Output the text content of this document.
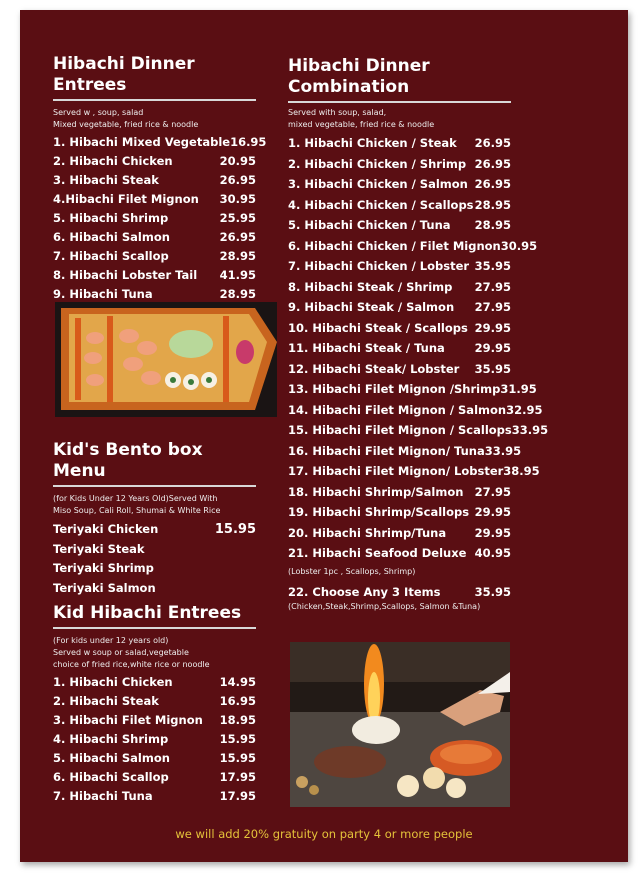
Hibachi Dinner Entrees
Served w , soup, salad
Mixed vegetable, fried rice & noodle
1. Hibachi Mixed Vegetable 16.95
2. Hibachi Chicken	20.95
3. Hibachi Steak	26.95
4.Hibachi Filet Mignon 30.95
5. Hibachi Shrimp	25.95
6. Hibachi Salmon	26.95
7. Hibachi Scallop	28.95
8. Hibachi Lobster Tail 41.95
9. Hibachi Tuna	28.95
Kid's Bento box Menu
(for Kids Under 12 Years Old)Served With
Miso Soup, Cali Roll, Shumai & White Rice
Teriyaki Chicken	15.95
Teriyaki Steak
Teriyaki Shrimp
Teriyaki Salmon
Kid Hibachi Entrees
(For kids under 12 years old)
Served w soup or salad,vegetable
choice of fried rice,white rice or noodle
1. Hibachi Chicken	14.95
2. Hibachi Steak	16.95
3. Hibachi Filet Mignon 18.95
4. Hibachi Shrimp	15.95
5. Hibachi Salmon	15.95
6. Hibachi Scallop	17.95
7. Hibachi Tuna	17.95
Hibachi Dinner
Combination
Served with soup, salad,
mixed vegetable, fried rice & noodle
1. Hibachi Chicken / Steak 26.95
2. Hibachi Chicken / Shrimp 26.95
3. Hibachi Chicken / Salmon 26.95
4. Hibachi Chicken / Scallops 28.95
5. Hibachi Chicken / Tuna 28.95
6. Hibachi Chicken / Filet Mignon 30.95
7. Hibachi Chicken / Lobster 35.95
8. Hibachi Steak / Shrimp 27.95
9. Hibachi Steak / Salmon 27.95
10. Hibachi Steak / Scallops 29.95
11. Hibachi Steak / Tuna	29.95
12. Hibachi Steak/ Lobster 35.95
13. Hibachi Filet Mignon /Shrimp 31.95
14. Hibachi Filet Mignon / Salmon 32.95
15. Hibachi Filet Mignon / Scallops 33.95
16. Hibachi Filet Mignon/ Tuna 33.95
17. Hibachi Filet Mignon/ Lobster 38.95
18. Hibachi Shrimp/Salmon 27.95
19. Hibachi Shrimp/Scallops 29.95
20. Hibachi Shrimp/Tuna 29.95
21. Hibachi Seafood Deluxe 40.95
(Lobster 1pc , Scallops, Shrimp)
22. Choose Any 3 Items	35.95
(Chicken,Steak,Shrimp,Scallops, Salmon &Tuna)
we will add 20% gratuity on party 4 or more people
